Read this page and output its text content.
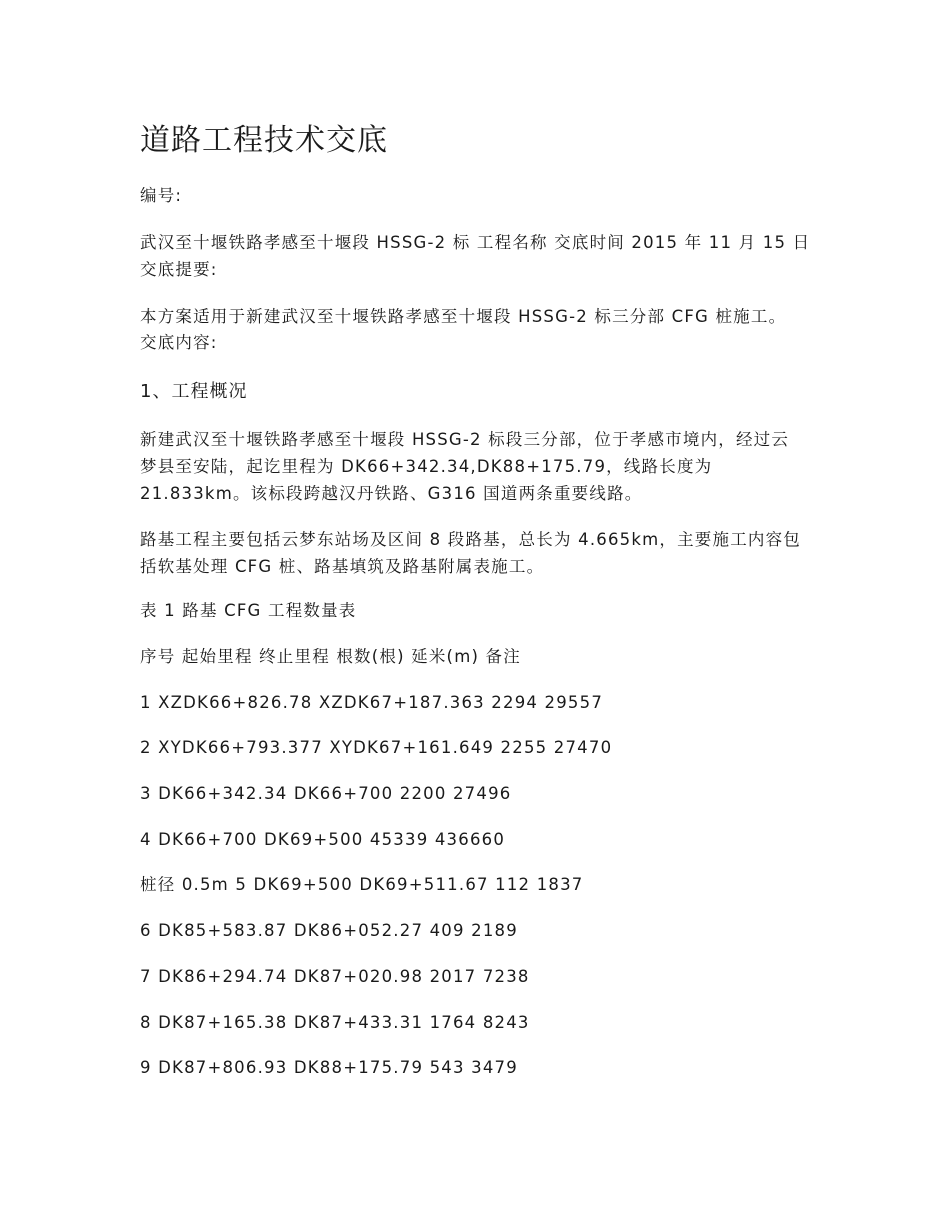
道路工程技术交底
编号:
武汉至十堰铁路孝感至十堰段 HSSG-2 标 工程名称 交底时间 2015 年 11 月 15 日
交底提要:
本方案适用于新建武汉至十堰铁路孝感至十堰段 HSSG-2 标三分部 CFG 桩施工。
交底内容:
1、工程概况
新建武汉至十堰铁路孝感至十堰段 HSSG-2 标段三分部，位于孝感市境内，经过云
梦县至安陆，起讫里程为 DK66+342.34,DK88+175.79，线路长度为
21.833km。该标段跨越汉丹铁路、G316 国道两条重要线路。
路基工程主要包括云梦东站场及区间 8 段路基，总长为 4.665km，主要施工内容包
括软基处理 CFG 桩、路基填筑及路基附属表施工。
表 1 路基 CFG 工程数量表
序号 起始里程 终止里程 根数(根) 延米(m) 备注
1 XZDK66+826.78 XZDK67+187.363 2294 29557
2 XYDK66+793.377 XYDK67+161.649 2255 27470
3 DK66+342.34 DK66+700 2200 27496
4 DK66+700 DK69+500 45339 436660
桩径 0.5m 5 DK69+500 DK69+511.67 112 1837
6 DK85+583.87 DK86+052.27 409 2189
7 DK86+294.74 DK87+020.98 2017 7238
8 DK87+165.38 DK87+433.31 1764 8243
9 DK87+806.93 DK88+175.79 543 3479
